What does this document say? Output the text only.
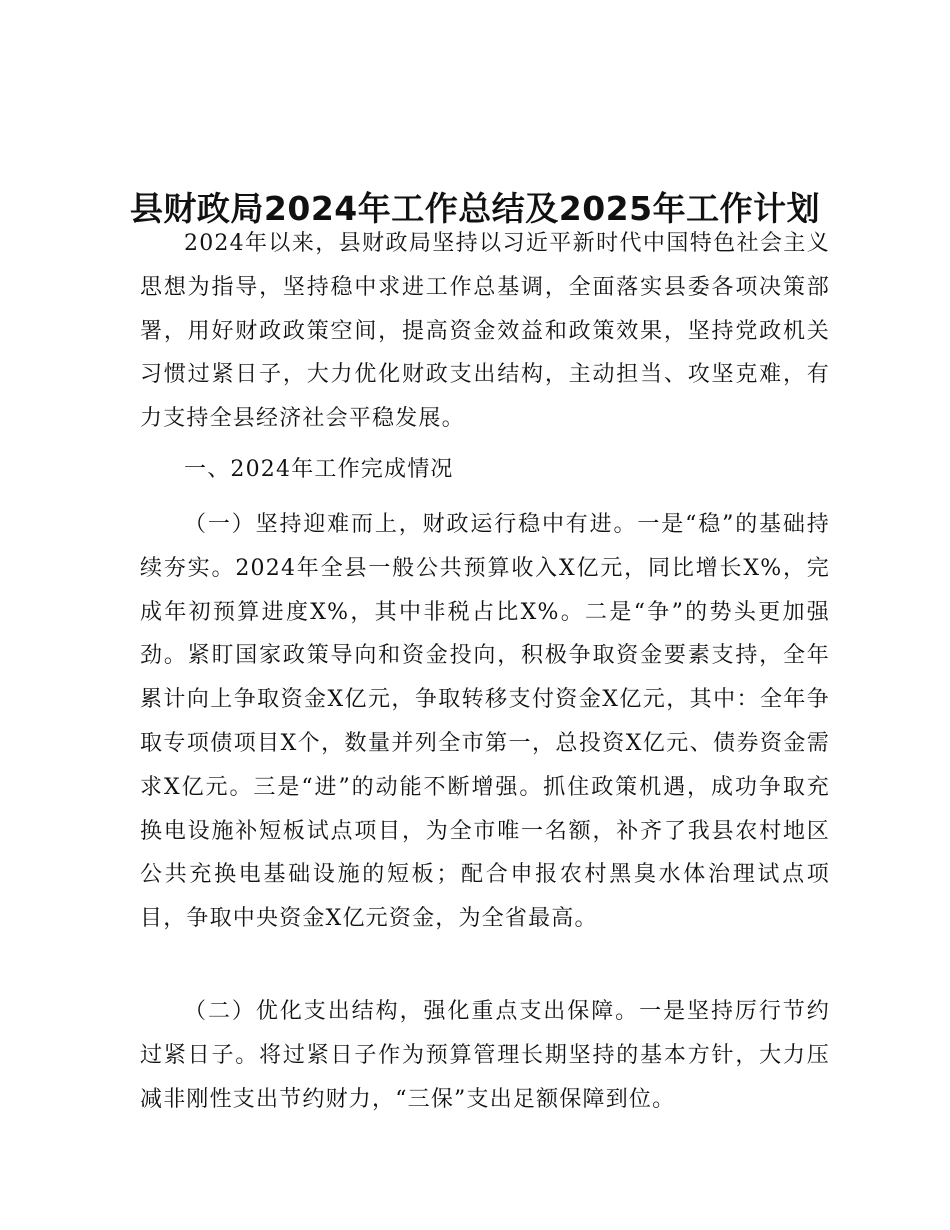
县财政局2024年工作总结及2025年工作计划

2024年以来，县财政局坚持以习近平新时代中国特色社会主义思想为指导，坚持稳中求进工作总基调，全面落实县委各项决策部署，用好财政政策空间，提高资金效益和政策效果，坚持党政机关习惯过紧日子，大力优化财政支出结构，主动担当、攻坚克难，有力支持全县经济社会平稳发展。

一、2024年工作完成情况

（一）坚持迎难而上，财政运行稳中有进。一是“稳”的基础持续夯实。2024年全县一般公共预算收入X亿元，同比增长X%，完成年初预算进度X%，其中非税占比X%。二是“争”的势头更加强劲。紧盯国家政策导向和资金投向，积极争取资金要素支持，全年累计向上争取资金X亿元，争取转移支付资金X亿元，其中：全年争取专项债项目X个，数量并列全市第一，总投资X亿元、债券资金需求X亿元。三是“进”的动能不断增强。抓住政策机遇，成功争取充换电设施补短板试点项目，为全市唯一名额，补齐了我县农村地区公共充换电基础设施的短板；配合申报农村黑臭水体治理试点项目，争取中央资金X亿元资金，为全省最高。

（二）优化支出结构，强化重点支出保障。一是坚持厉行节约过紧日子。将过紧日子作为预算管理长期坚持的基本方针，大力压减非刚性支出节约财力，“三保”支出足额保障到位。
